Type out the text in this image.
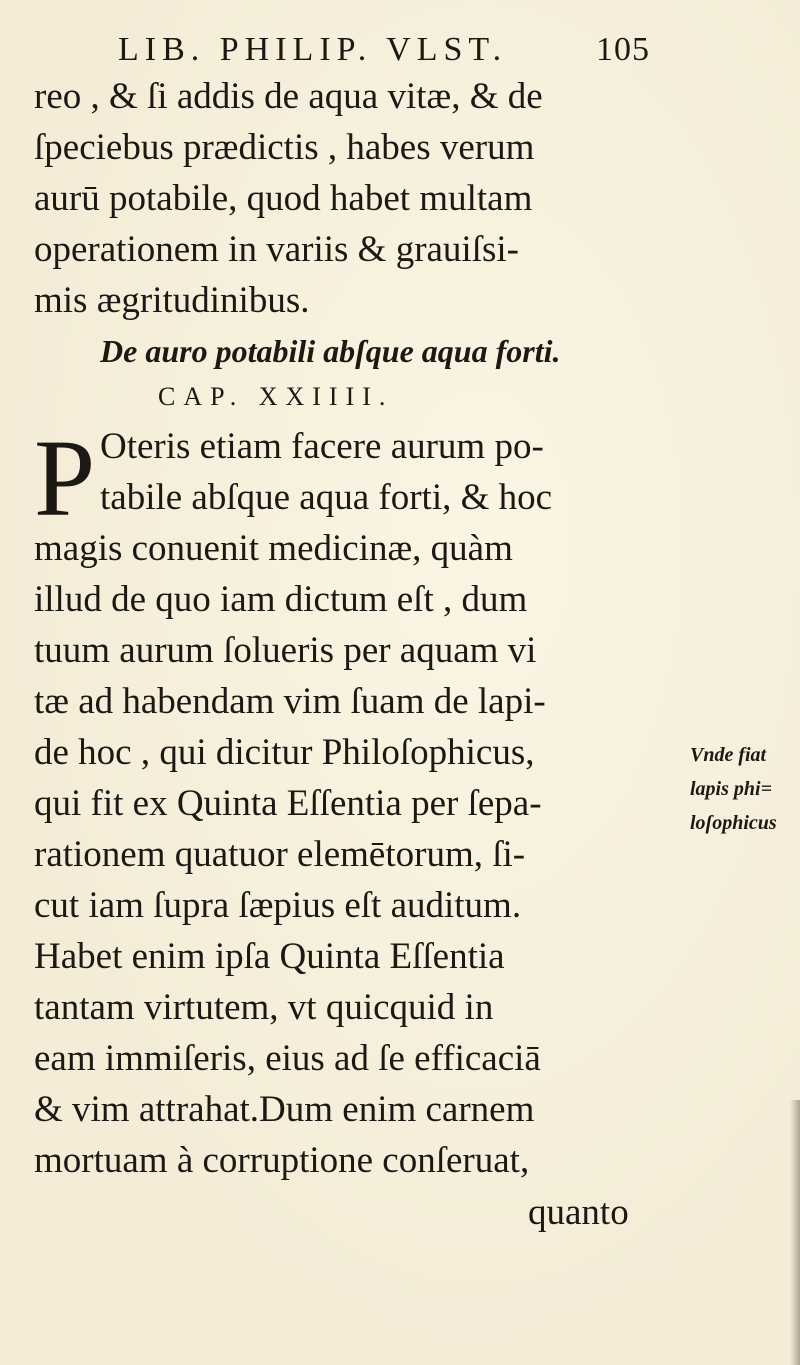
LIB. PHILIP. VLST.	105
reo , & ſi addis de aqua vitæ, & de
ſpeciebus prædictis , habes verum
aurū potabile, quod habet multam
operationem in variis & grauiſsi-
mis ægritudinibus.
De auro potabili abſque aqua forti.
CAP. XXIIII.
P Oteris etiam facere aurum po-
tabile abſque aqua forti, & hoc
magis conuenit medicinæ, quàm
illud de quo iam dictum eſt , dum
tuum aurum ſolueris per aquam vi
tæ ad habendam vim ſuam de lapi-
de hoc , qui dicitur Philoſophicus,
qui fit ex Quinta Eſſentia per ſepa-
rationem quatuor elemētorum, ſi-
cut iam ſupra ſæpius eſt auditum.
Habet enim ipſa Quinta Eſſentia
tantam virtutem, vt quicquid in
eam immiſeris, eius ad ſe efficaciā
& vim attrahat.Dum enim carnem
mortuam à corruptione conſeruat,
quanto
Vnde fiat
lapis phi=
loſophicus
